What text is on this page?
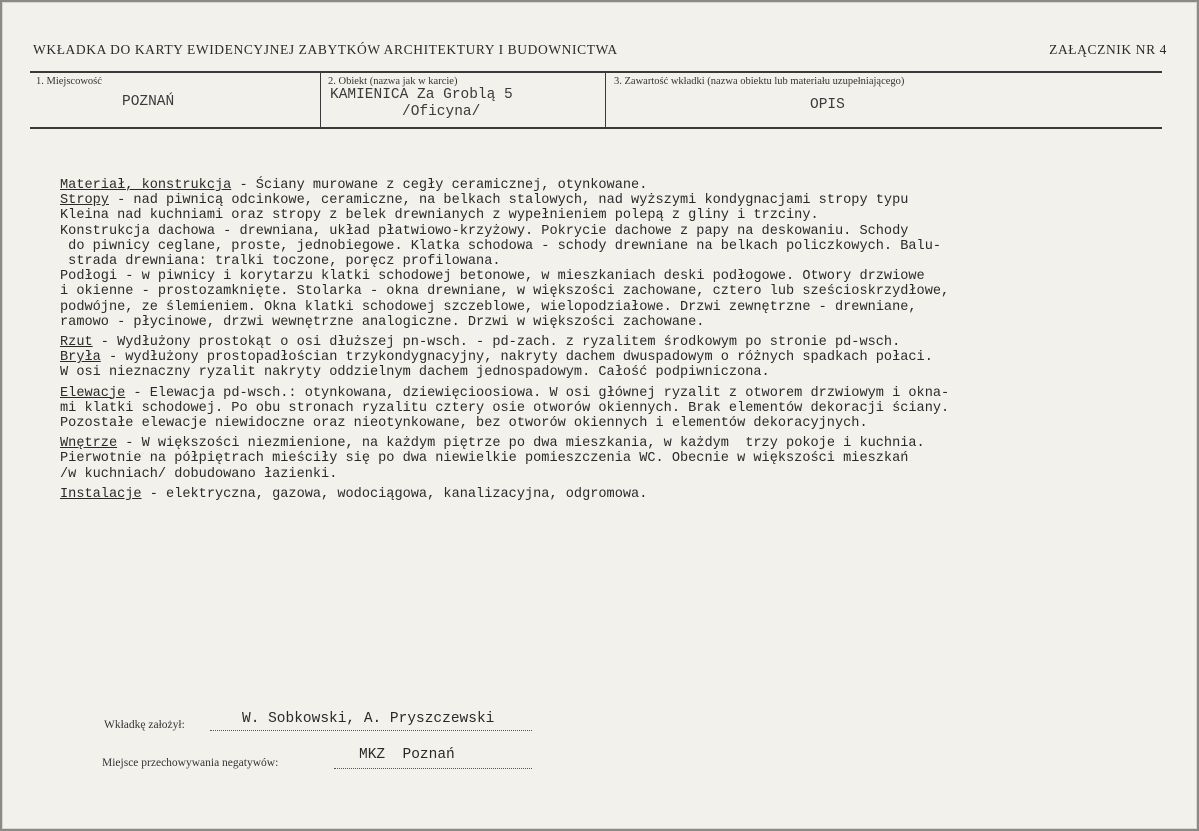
WKŁADKA DO KARTY EWIDENCYJNEJ ZABYTKÓW ARCHITEKTURY I BUDOWNICTWA	ZAŁĄCZNIK NR 4
1. Miejscowość
POZNAŃ
2. Obiekt (nazwa jak w karcie)
KAMIENICA Za Groblą 5
/Oficyna/
3. Zawartość wkładki (nazwa obiektu lub materiału uzupełniającego)
OPIS
Materiał, konstrukcja - Ściany murowane z cegły ceramicznej, otynkowane.
Stropy - nad piwnicą odcinkowe, ceramiczne, na belkach stalowych, nad wyższymi kondygnacjami stropy typu
Kleina nad kuchniami oraz stropy z belek drewnianych z wypełnieniem polepą z gliny i trzciny.
Konstrukcja dachowa - drewniana, układ płatwiowo-krzyżowy. Pokrycie dachowe z papy na deskowaniu. Schody
do piwnicy ceglane, proste, jednobiegowe. Klatka schodowa - schody drewniane na belkach policzkowych. Balu-
strada drewniana: tralki toczone, poręcz profilowana.
Podłogi - w piwnicy i korytarzu klatki schodowej betonowe, w mieszkaniach deski podłogowe. Otwory drzwiowe
i okienne - prostozamknięte. Stolarka - okna drewniane, w większości zachowane, cztero lub sześcioskrzydłowe,
podwójne, ze ślemieniem. Okna klatki schodowej szczeblowe, wielopodziałowe. Drzwi zewnętrzne - drewniane,
ramowo - płycinowe, drzwi wewnętrzne analogiczne. Drzwi w większości zachowane.
Rzut - Wydłużony prostokąt o osi dłuższej pn-wsch. - pd-zach. z ryzalitem środkowym po stronie pd-wsch.
Bryła - wydłużony prostopadłościan trzykondygnacyjny, nakryty dachem dwuspadowym o różnych spadkach połaci.
W osi nieznaczny ryzalit nakryty oddzielnym dachem jednospadowym. Całość podpiwniczona.
Elewacje - Elewacja pd-wsch.: otynkowana, dziewięcioosiowa. W osi głównej ryzalit z otworem drzwiowym i okna-
mi klatki schodowej. Po obu stronach ryzalitu cztery osie otworów okiennych. Brak elementów dekoracji ściany.
Pozostałe elewacje niewidoczne oraz nieotynkowane, bez otworów okiennych i elementów dekoracyjnych.
Wnętrze - W większości niezmienione, na każdym piętrze po dwa mieszkania, w każdym  trzy pokoje i kuchnia.
Pierwotnie na półpiętrach mieściły się po dwa niewielkie pomieszczenia WC. Obecnie w większości mieszkań
/w kuchniach/ dobudowano łazienki.
Instalacje - elektryczna, gazowa, wodociągowa, kanalizacyjna, odgromowa.
Wkładkę założył:	W. Sobkowski, A. Pryszczewski
Miejsce przechowywania negatywów:	MKZ  Poznań
